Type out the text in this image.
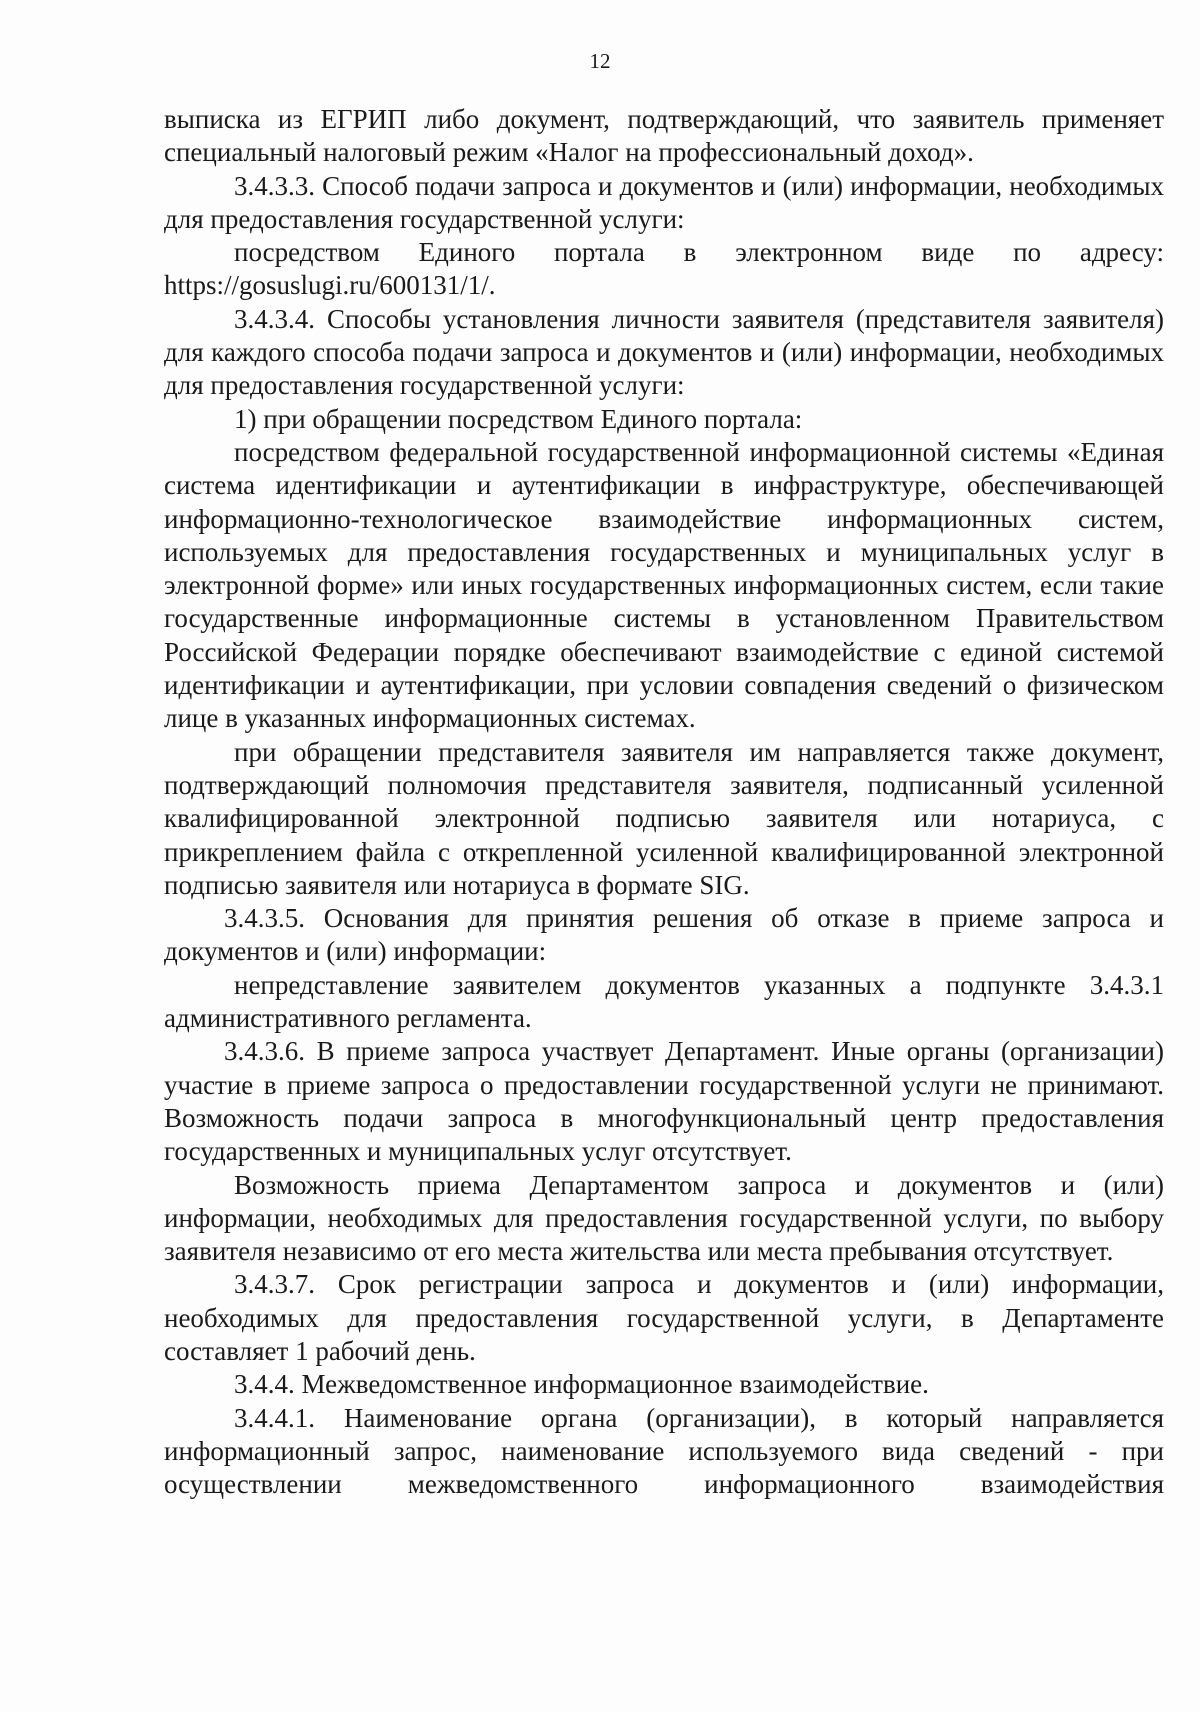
12

выписка из ЕГРИП либо документ, подтверждающий, что заявитель применяет специальный налоговый режим «Налог на профессиональный доход».

3.4.3.3. Способ подачи запроса и документов и (или) информации, необходимых для предоставления государственной услуги:

посредством Единого портала в электронном виде по адресу: https://gosuslugi.ru/600131/1/.

3.4.3.4. Способы установления личности заявителя (представителя заявителя) для каждого способа подачи запроса и документов и (или) информации, необходимых для предоставления государственной услуги:

1) при обращении посредством Единого портала:

посредством федеральной государственной информационной системы «Единая система идентификации и аутентификации в инфраструктуре, обеспечивающей информационно-технологическое взаимодействие информационных систем, используемых для предоставления государственных и муниципальных услуг в электронной форме» или иных государственных информационных систем, если такие государственные информационные системы в установленном Правительством Российской Федерации порядке обеспечивают взаимодействие с единой системой идентификации и аутентификации, при условии совпадения сведений о физическом лице в указанных информационных системах.

при обращении представителя заявителя им направляется также документ, подтверждающий полномочия представителя заявителя, подписанный усиленной квалифицированной электронной подписью заявителя или нотариуса, с прикреплением файла с открепленной усиленной квалифицированной электронной подписью заявителя или нотариуса в формате SIG.

3.4.3.5. Основания для принятия решения об отказе в приеме запроса и документов и (или) информации:

непредставление заявителем документов указанных а подпункте 3.4.3.1 административного регламента.

3.4.3.6. В приеме запроса участвует Департамент. Иные органы (организации) участие в приеме запроса о предоставлении государственной услуги не принимают. Возможность подачи запроса в многофункциональный центр предоставления государственных и муниципальных услуг отсутствует.

Возможность приема Департаментом запроса и документов и (или) информации, необходимых для предоставления государственной услуги, по выбору заявителя независимо от его места жительства или места пребывания отсутствует.

3.4.3.7. Срок регистрации запроса и документов и (или) информации, необходимых для предоставления государственной услуги, в Департаменте составляет 1 рабочий день.

3.4.4. Межведомственное информационное взаимодействие.

3.4.4.1. Наименование органа (организации), в который направляется информационный запрос, наименование используемого вида сведений - при осуществлении межведомственного информационного взаимодействия
